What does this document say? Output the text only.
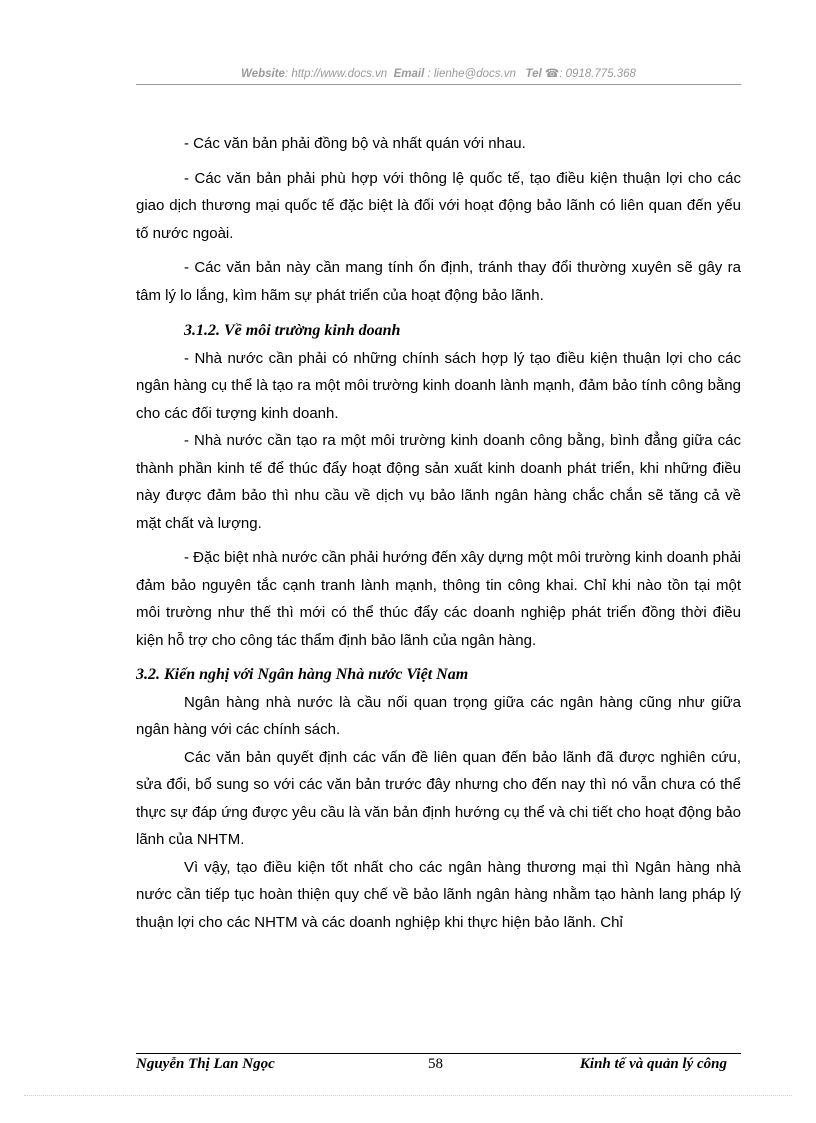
Website: http://www.docs.vn Email : lienhe@docs.vn Tel ☎: 0918.775.368

- Các văn bản phải đồng bộ và nhất quán với nhau.

- Các văn bản phải phù hợp với thông lệ quốc tế, tạo điều kiện thuận lợi cho các giao dịch thương mại quốc tế đặc biệt là đối với hoạt động bảo lãnh có liên quan đến yếu tố nước ngoài.

- Các văn bản này cần mang tính ổn định, tránh thay đổi thường xuyên sẽ gây ra tâm lý lo lắng, kìm hãm sự phát triển của hoạt động bảo lãnh.

3.1.2. Về môi trường kinh doanh

- Nhà nước cần phải có những chính sách hợp lý tạo điều kiện thuận lợi cho các ngân hàng cụ thể là tạo ra một môi trường kinh doanh lành mạnh, đảm bảo tính công bằng cho các đối tượng kinh doanh.

- Nhà nước cần tạo ra một môi trường kinh doanh công bằng, bình đẳng giữa các thành phần kinh tế để thúc đẩy hoạt động sản xuất kinh doanh phát triển, khi những điều này được đảm bảo thì nhu cầu về dịch vụ bảo lãnh ngân hàng chắc chắn sẽ tăng cả về mặt chất và lượng.

- Đặc biệt nhà nước cần phải hướng đến xây dựng một môi trường kinh doanh phải đảm bảo nguyên tắc cạnh tranh lành mạnh, thông tin công khai. Chỉ khi nào tồn tại một môi trường như thế thì mới có thể thúc đẩy các doanh nghiệp phát triển đồng thời điều kiện hỗ trợ cho công tác thẩm định bảo lãnh của ngân hàng.

3.2. Kiến nghị với Ngân hàng Nhà nước Việt Nam

Ngân hàng nhà nước là cầu nối quan trọng giữa các ngân hàng cũng như giữa ngân hàng với các chính sách.

Các văn bản quyết định các vấn đề liên quan đến bảo lãnh đã được nghiên cứu, sửa đổi, bổ sung so với các văn bản trước đây nhưng cho đến nay thì nó vẫn chưa có thể thực sự đáp ứng được yêu cầu là văn bản định hướng cụ thể và chi tiết cho hoạt động bảo lãnh của NHTM.

Vì vậy, tạo điều kiện tốt nhất cho các ngân hàng thương mại thì Ngân hàng nhà nước cần tiếp tục hoàn thiện quy chế về bảo lãnh ngân hàng nhằm tạo hành lang pháp lý thuận lợi cho các NHTM và các doanh nghiệp khi thực hiện bảo lãnh. Chỉ

Nguyễn Thị Lan Ngọc	58	Kinh tế và quản lý công
